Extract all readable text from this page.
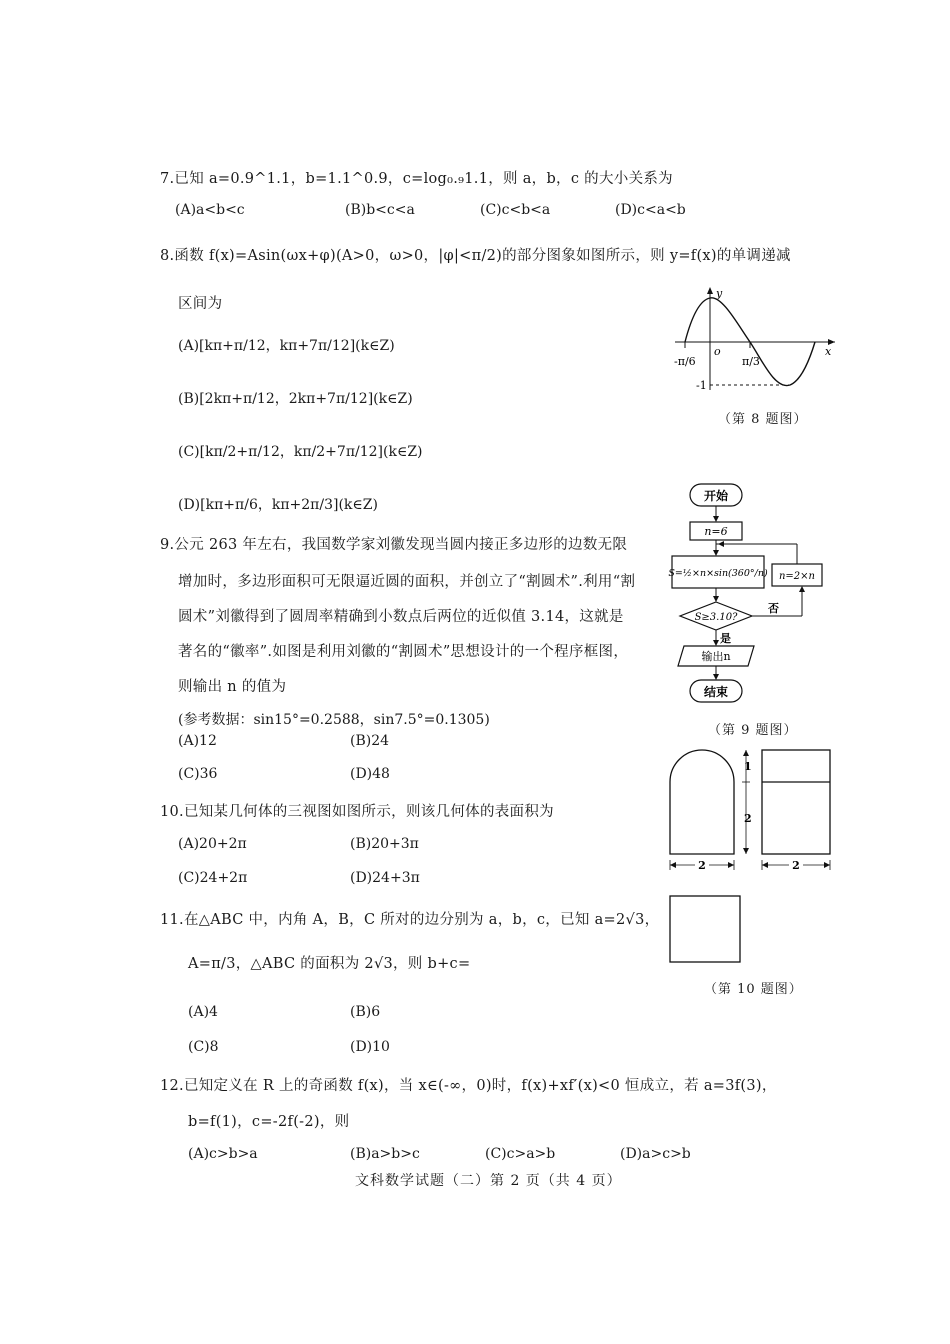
7.已知 a=0.9^1.1，b=1.1^0.9，c=log₀.₉1.1，则 a，b，c 的大小关系为
(A)a<b<c	(B)b<c<a	(C)c<b<a	(D)c<a<b
8.函数 f(x)=Asin(ωx+φ)(A>0，ω>0，|φ|<π/2)的部分图象如图所示，则 y=f(x)的单调递减
区间为
(A)[kπ+π/12，kπ+7π/12](k∈Z)
(B)[2kπ+π/12，2kπ+7π/12](k∈Z)
(C)[kπ/2+π/12，kπ/2+7π/12](k∈Z)
(D)[kπ+π/6，kπ+2π/3](k∈Z)
y
x
o
-π/6	π/3
-1
（第 8 题图）
9.公元 263 年左右，我国数学家刘徽发现当圆内接正多边形的边数无限
增加时，多边形面积可无限逼近圆的面积，并创立了“割圆术”.利用“割
圆术”刘徽得到了圆周率精确到小数点后两位的近似值 3.14，这就是
著名的“徽率”.如图是利用刘徽的“割圆术”思想设计的一个程序框图，
则输出 n 的值为
(参考数据：sin15°=0.2588，sin7.5°=0.1305)
(A)12	(B)24
(C)36	(D)48
开始
n=6
S=½×n×sin(360°/n)
S≥3.10?
否
n=2×n
是
输出n
结束
（第 9 题图）
10.已知某几何体的三视图如图所示，则该几何体的表面积为
(A)20+2π	(B)20+3π
(C)24+2π	(D)24+3π
1
2
2	2
（第 10 题图）
11.在△ABC 中，内角 A，B，C 所对的边分别为 a，b，c，已知 a=2√3，
A=π/3，△ABC 的面积为 2√3，则 b+c=
(A)4	(B)6
(C)8	(D)10
12.已知定义在 R 上的奇函数 f(x)，当 x∈(-∞，0)时，f(x)+xf′(x)<0 恒成立，若 a=3f(3)，
b=f(1)，c=-2f(-2)，则
(A)c>b>a	(B)a>b>c	(C)c>a>b	(D)a>c>b
文科数学试题（二）第 2 页（共 4 页）
